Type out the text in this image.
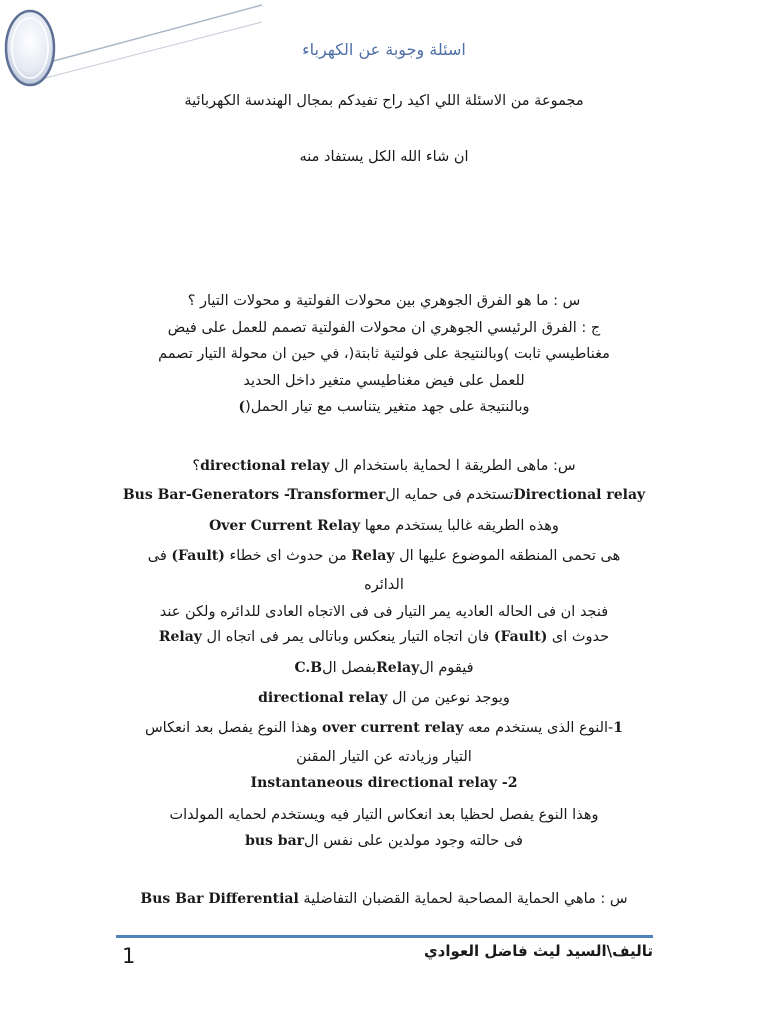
اسئلة وجوبة عن الكهرباء
مجموعة من الاسئلة اللي اكيد راح تفيدكم بمجال الهندسة الكهربائية
ان شاء الله الكل يستفاد منه
س : ما هو الفرق الجوهري بين محولات الفولتية و محولات التيار ؟
ج : الفرق الرئيسي الجوهري ان محولات الفولتية تصمم للعمل على فيض
مغناطيسي ثابت )وبالنتيجة على فولتية ثابتة(، في حين ان محولة التيار تصمم
للعمل على فيض مغناطيسي متغير داخل الحديد
وبالنتيجة على جهد متغير يتناسب مع تيار الحمل()
س: ماهى الطريقة ا لحماية باستخدام ال directional relay؟
Directional relayتستخدم فى حمايه الBus Bar-Generators -Transformer
وهذه الطريقه غالبا يستخدم معها Over Current Relay
هى تحمى المنطقه الموضوع عليها ال Relay من حدوث اى خطاء (Fault) فى
الدائره
فنجد ان فى الحاله العاديه يمر التيار فى فى الاتجاه العادى للدائره ولكن عند
حدوث اى (Fault) فان اتجاه التيار ينعكس وباتالى يمر فى اتجاه ال Relay
فيقوم الRelayبفصل الC.B
ويوجد نوعين من ال directional relay
1-النوع الذى يستخدم معه over current relay وهذا النوع يفصل بعد انعكاس
التيار وزيادته عن التيار المقنن
Instantaneous directional relay -2
وهذا النوع يفصل لحظيا بعد انعكاس التيار فيه ويستخدم لحمايه المولدات
فى حالته وجود مولدين على نفس الbus bar
س : ماهي الحماية المصاحبة لحماية القضبان التفاضلية Bus Bar Differential
1	تاليف\السيد ليث فاضل العوادي
